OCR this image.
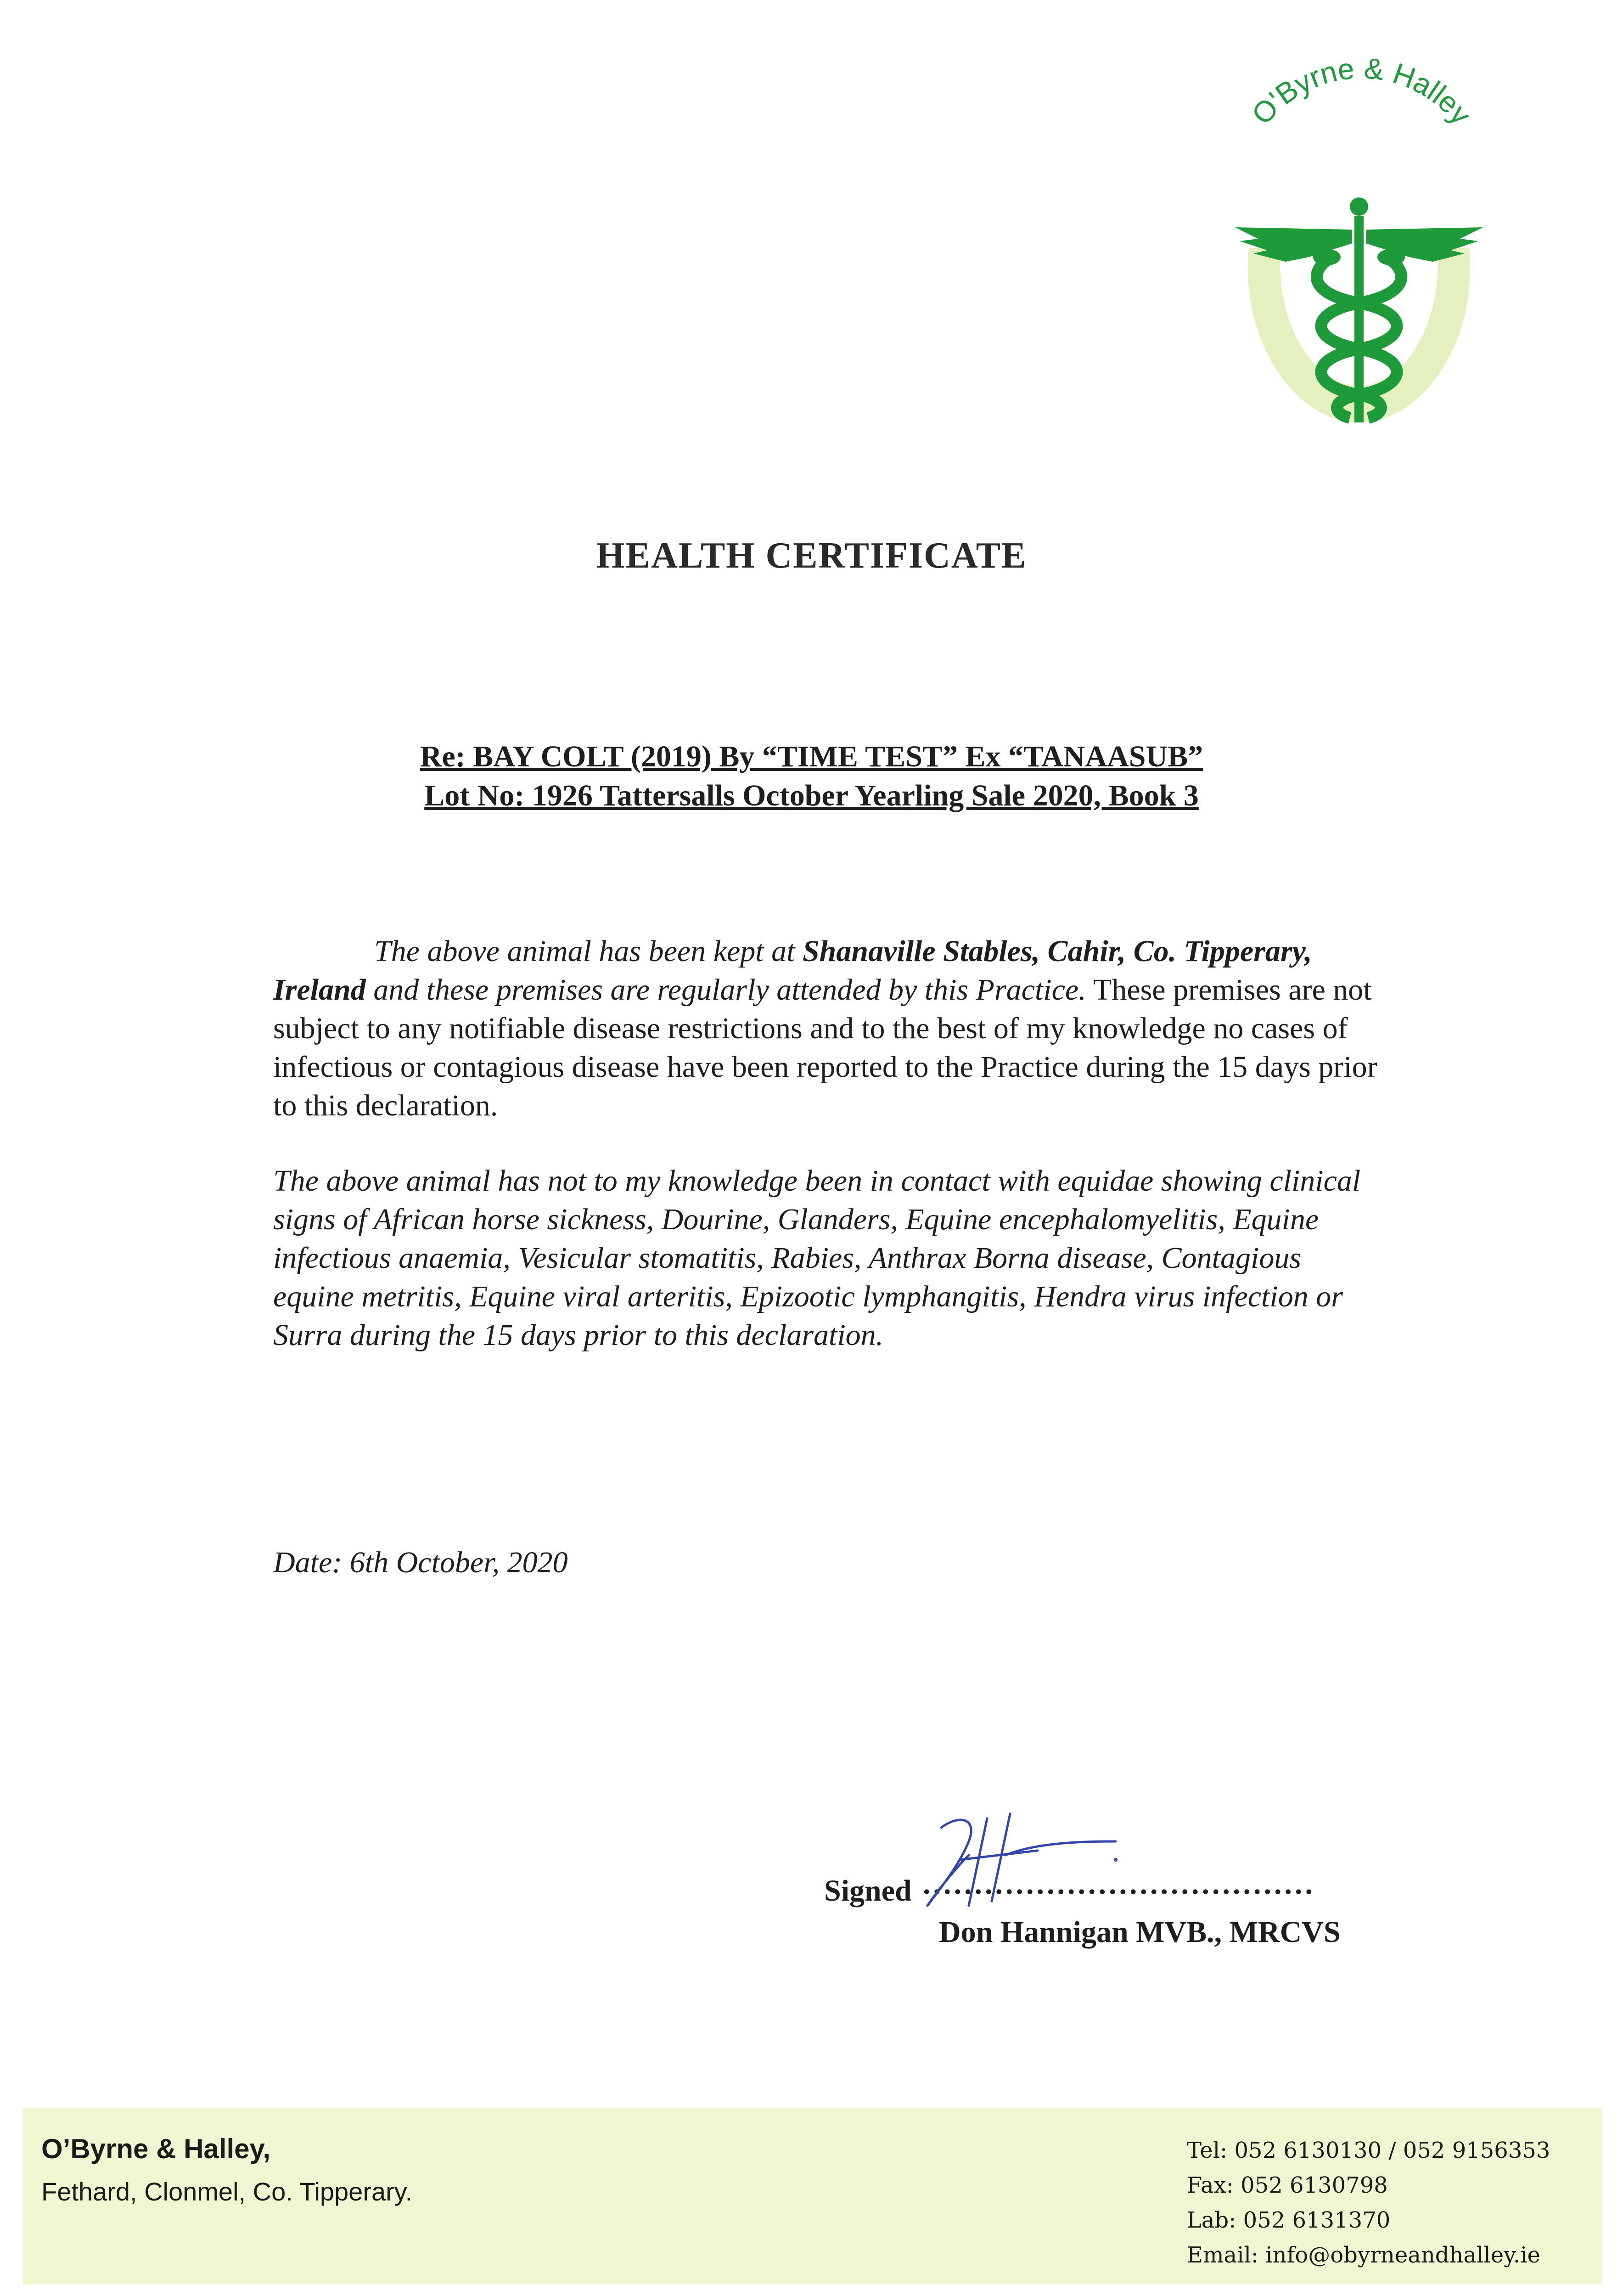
O'Byrne & Halley
HEALTH CERTIFICATE
Re: BAY COLT (2019) By “TIME TEST” Ex “TANAASUB”
Lot No: 1926 Tattersalls October Yearling Sale 2020, Book 3
The above animal has been kept at Shanaville Stables, Cahir, Co. Tipperary, Ireland and these premises are regularly attended by this Practice. These premises are not subject to any notifiable disease restrictions and to the best of my knowledge no cases of infectious or contagious disease have been reported to the Practice during the 15 days prior to this declaration.
The above animal has not to my knowledge been in contact with equidae showing clinical signs of African horse sickness, Dourine, Glanders, Equine encephalomyelitis, Equine infectious anaemia, Vesicular stomatitis, Rabies, Anthrax Borna disease, Contagious equine metritis, Equine viral arteritis, Epizootic lymphangitis, Hendra virus infection or Surra during the 15 days prior to this declaration.
Date: 6th October, 2020
Signed ......................................
Don Hannigan MVB., MRCVS
O’Byrne & Halley,
Fethard, Clonmel, Co. Tipperary.
Tel: 052 6130130 / 052 9156353
Fax: 052 6130798
Lab: 052 6131370
Email: info@obyrneandhalley.ie
